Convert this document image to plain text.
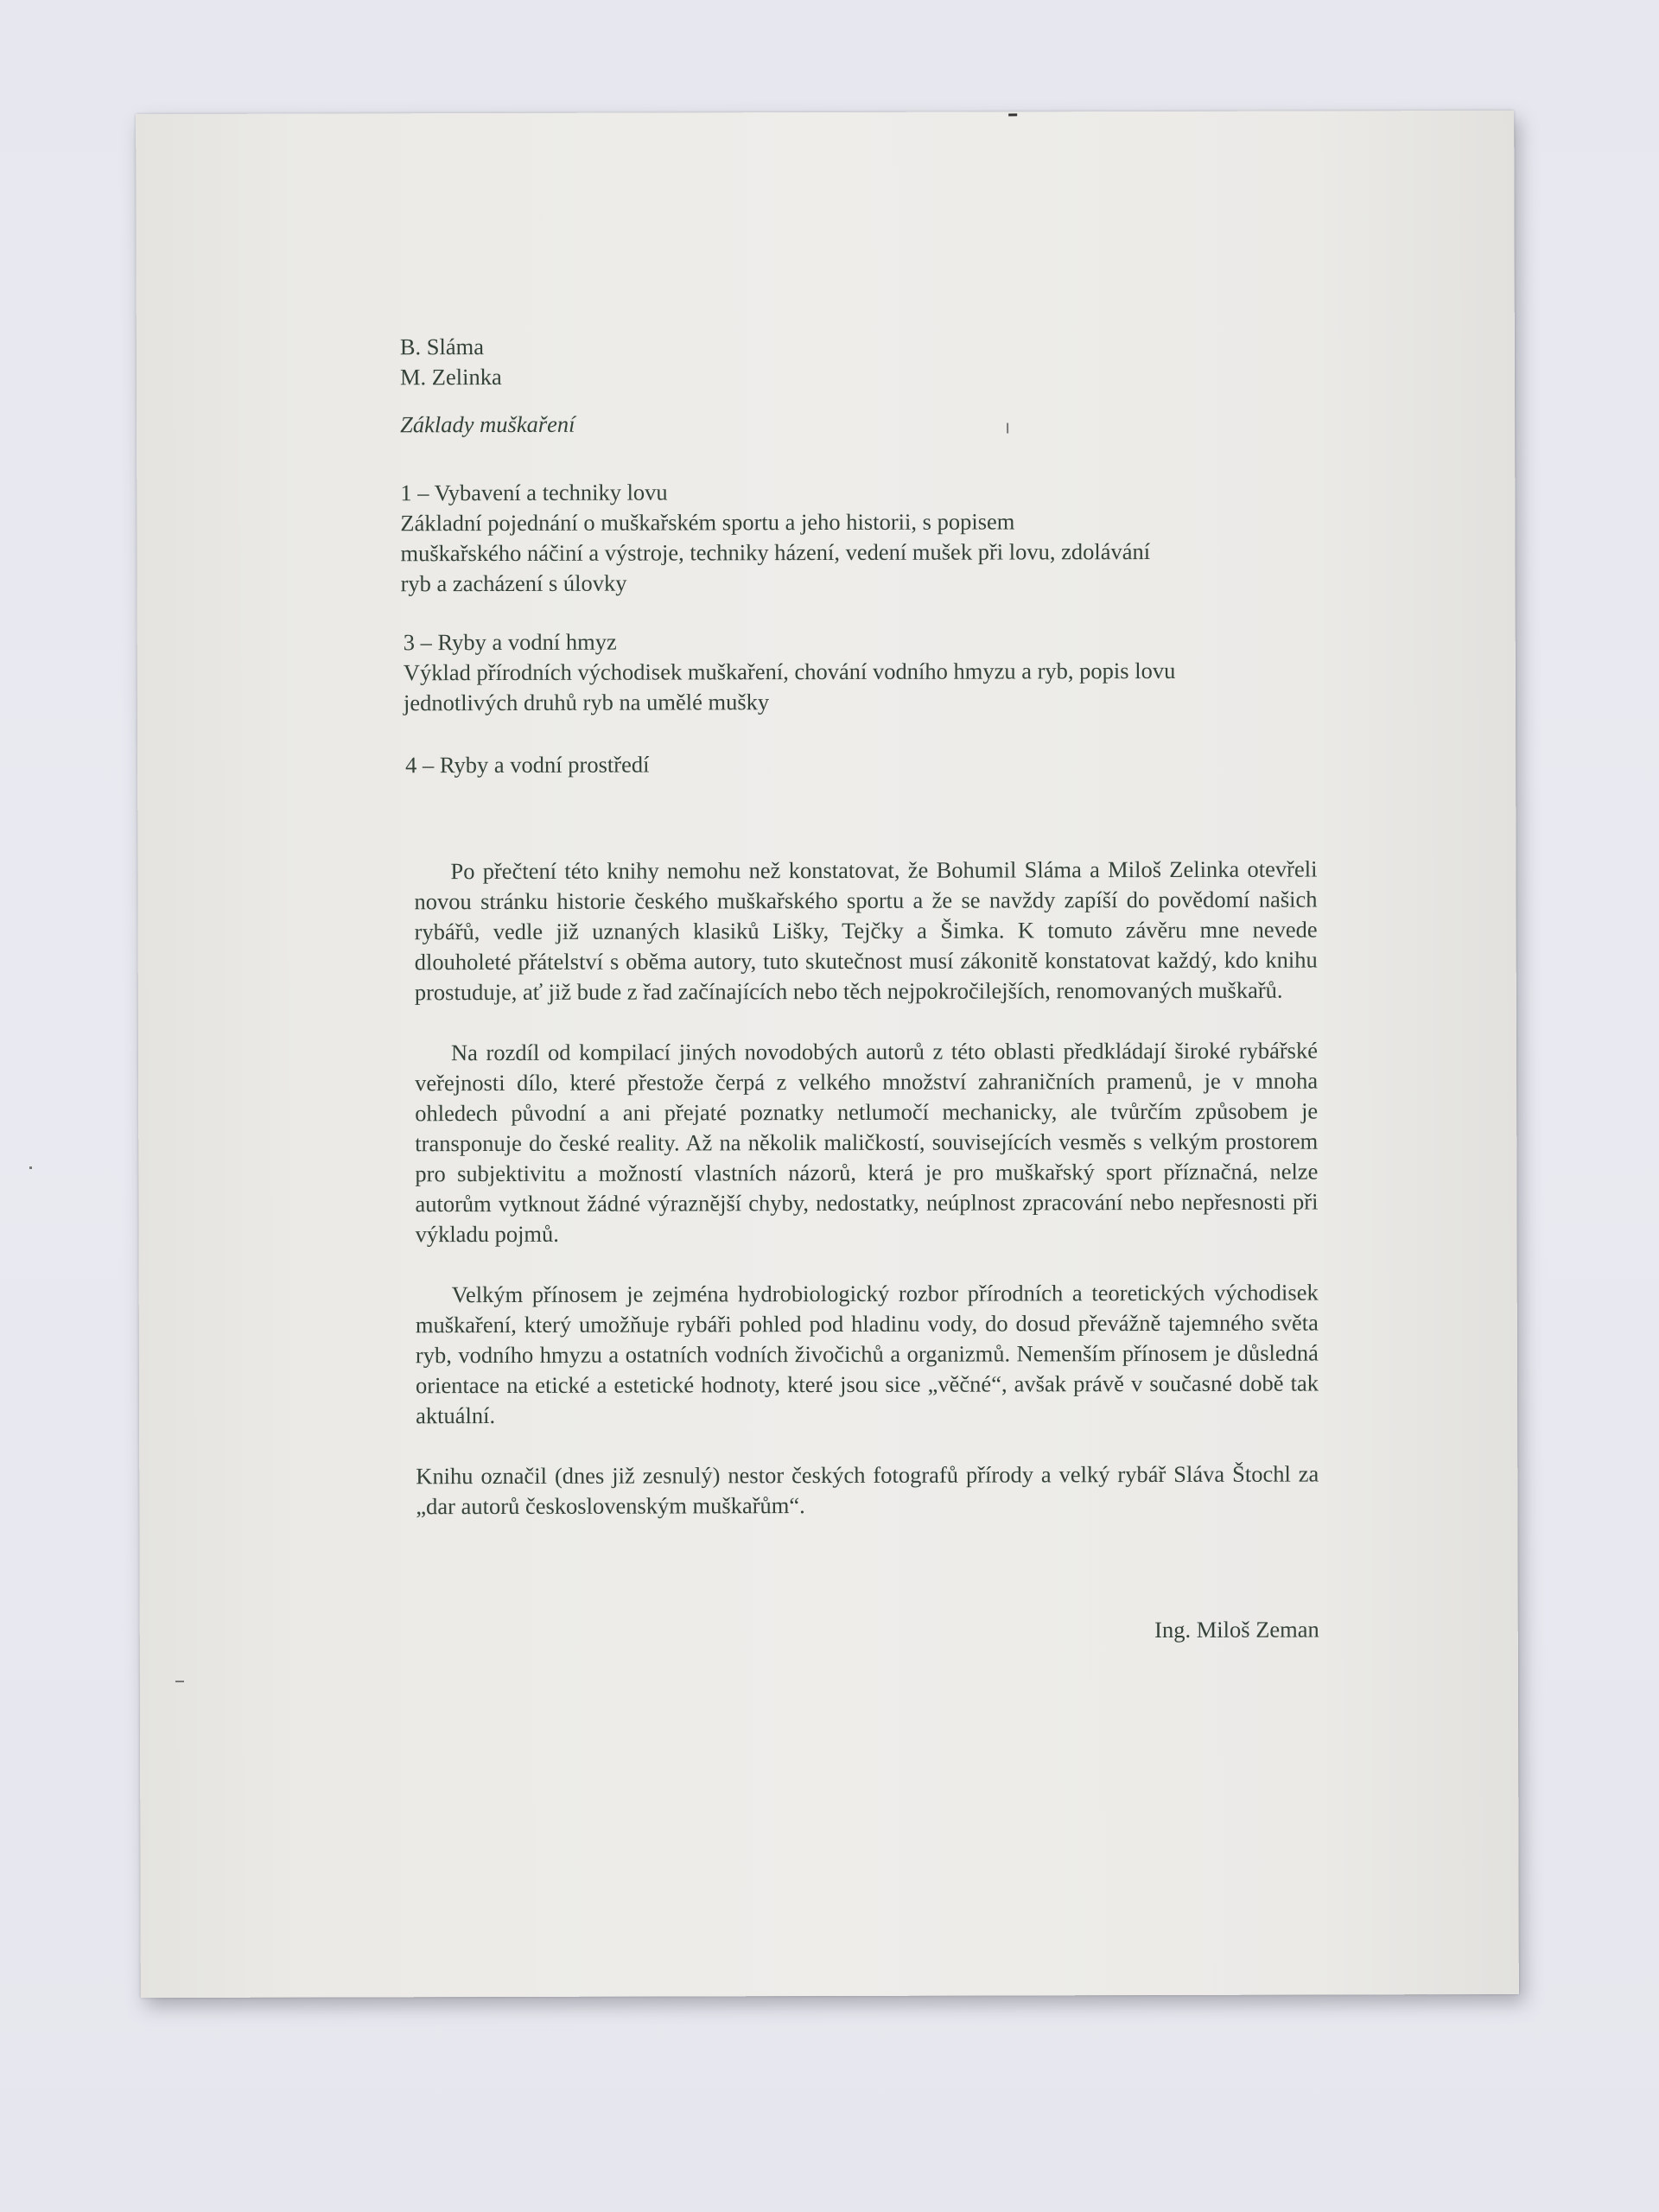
B. Sláma
M. Zelinka
Základy muškaření
1 – Vybavení a techniky lovu
Základní pojednání o muškařském sportu a jeho historii, s popisem
muškařského náčiní a výstroje, techniky házení, vedení mušek při lovu, zdolávání
ryb a zacházení s úlovky
3 – Ryby a vodní hmyz
Výklad přírodních východisek muškaření, chování vodního hmyzu a ryb, popis lovu
jednotlivých druhů ryb na umělé mušky
4 – Ryby a vodní prostředí

Po přečtení této knihy nemohu než konstatovat, že Bohumil Sláma a Miloš Zelinka otevřeli novou stránku historie českého muškařského sportu a že se navždy zapíší do povědomí našich rybářů, vedle již uznaných klasiků Lišky, Tejčky a Šimka. K tomuto závěru mne nevede dlouholeté přátelství s oběma autory, tuto skutečnost musí zákonitě konstatovat každý, kdo knihu prostuduje, ať již bude z řad začínajících nebo těch nejpokročilejších, renomovaných muškařů.

Na rozdíl od kompilací jiných novodobých autorů z této oblasti předkládají široké rybářské veřejnosti dílo, které přestože čerpá z velkého množství zahraničních pramenů, je v mnoha ohledech původní a ani přejaté poznatky netlumočí mechanicky, ale tvůrčím způsobem je transponuje do české reality. Až na několik maličkostí, souvisejících vesměs s velkým prostorem pro subjektivitu a možností vlastních názorů, která je pro muškařský sport příznačná, nelze autorům vytknout žádné výraznější chyby, nedostatky, neúplnost zpracování nebo nepřesnosti při výkladu pojmů.

Velkým přínosem je zejména hydrobiologický rozbor přírodních a teoretických východisek muškaření, který umožňuje rybáři pohled pod hladinu vody, do dosud převážně tajemného světa ryb, vodního hmyzu a ostatních vodních živočichů a organizmů. Nemenším přínosem je důsledná orientace na etické a estetické hodnoty, které jsou sice „věčné“, avšak právě v současné době tak aktuální.

Knihu označil (dnes již zesnulý) nestor českých fotografů přírody a velký rybář Sláva Štochl za „dar autorů československým muškařům“.

Ing. Miloš Zeman
